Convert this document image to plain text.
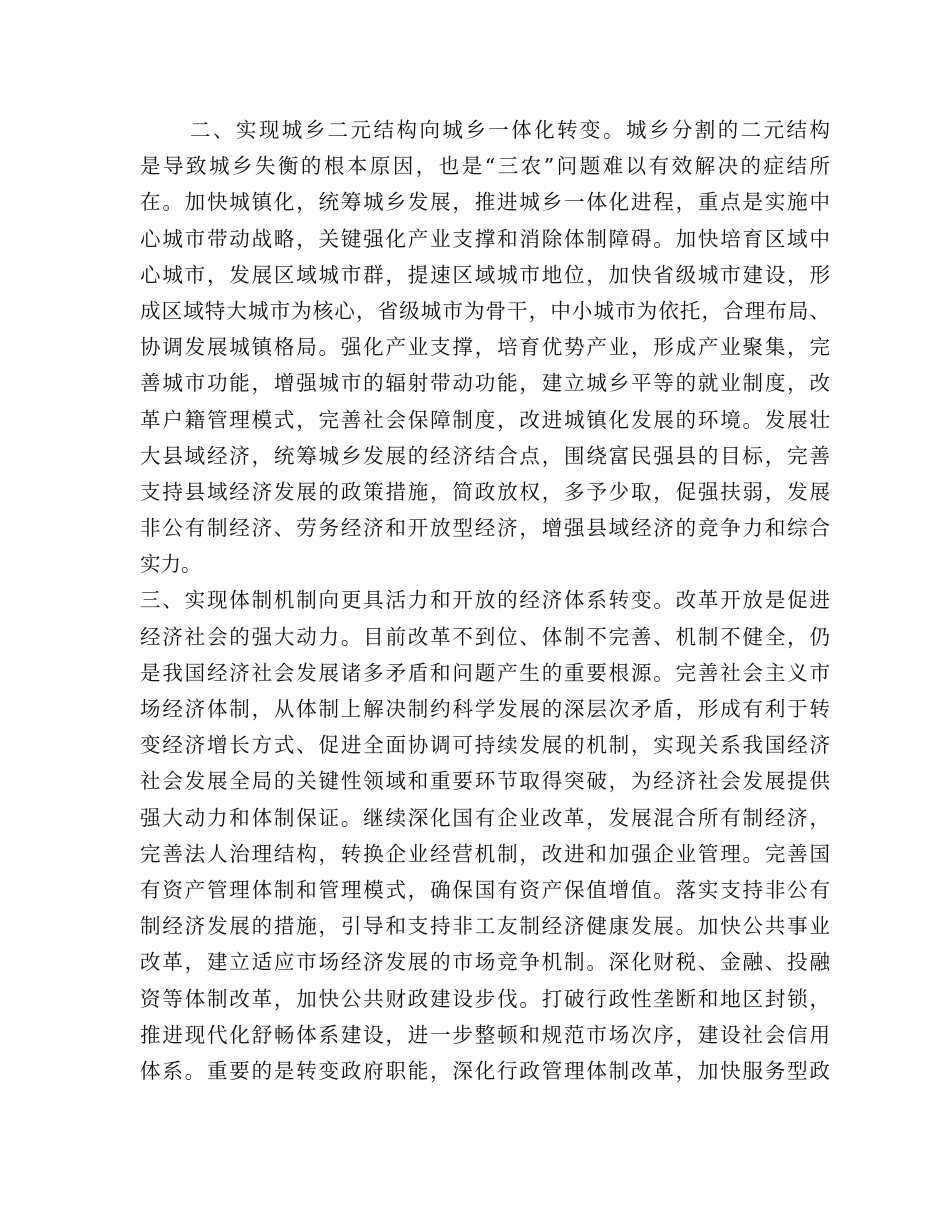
二、实现城乡二元结构向城乡一体化转变。城乡分割的二元结构
是导致城乡失衡的根本原因，也是“三农”问题难以有效解决的症结所
在。加快城镇化，统筹城乡发展，推进城乡一体化进程，重点是实施中
心城市带动战略，关键强化产业支撑和消除体制障碍。加快培育区域中
心城市，发展区域城市群，提速区域城市地位，加快省级城市建设，形
成区域特大城市为核心，省级城市为骨干，中小城市为依托，合理布局、
协调发展城镇格局。强化产业支撑，培育优势产业，形成产业聚集，完
善城市功能，增强城市的辐射带动功能，建立城乡平等的就业制度，改
革户籍管理模式，完善社会保障制度，改进城镇化发展的环境。发展壮
大县域经济，统筹城乡发展的经济结合点，围绕富民强县的目标，完善
支持县域经济发展的政策措施，简政放权，多予少取，促强扶弱，发展
非公有制经济、劳务经济和开放型经济，增强县域经济的竞争力和综合
实力。
三、实现体制机制向更具活力和开放的经济体系转变。改革开放是促进
经济社会的强大动力。目前改革不到位、体制不完善、机制不健全，仍
是我国经济社会发展诸多矛盾和问题产生的重要根源。完善社会主义市
场经济体制，从体制上解决制约科学发展的深层次矛盾，形成有利于转
变经济增长方式、促进全面协调可持续发展的机制，实现关系我国经济
社会发展全局的关键性领域和重要环节取得突破，为经济社会发展提供
强大动力和体制保证。继续深化国有企业改革，发展混合所有制经济，
完善法人治理结构，转换企业经营机制，改进和加强企业管理。完善国
有资产管理体制和管理模式，确保国有资产保值增值。落实支持非公有
制经济发展的措施，引导和支持非工友制经济健康发展。加快公共事业
改革，建立适应市场经济发展的市场竞争机制。深化财税、金融、投融
资等体制改革，加快公共财政建设步伐。打破行政性垄断和地区封锁，
推进现代化舒畅体系建设，进一步整顿和规范市场次序，建设社会信用
体系。重要的是转变政府职能，深化行政管理体制改革，加快服务型政
